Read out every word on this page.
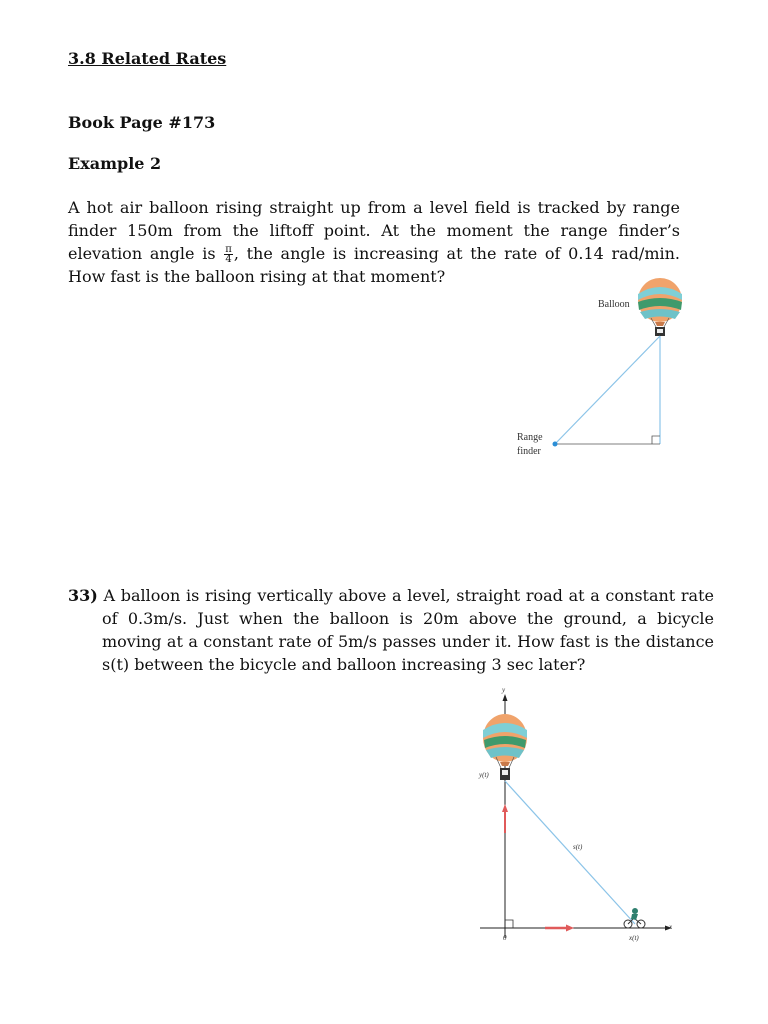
3.8 Related Rates
Book Page #173
Example 2
A hot air balloon rising straight up from a level field is tracked by range finder 150m from the liftoff point. At the moment the range finder’s elevation angle is $\frac{\pi}{4}$ , the angle is increasing at the rate of 0.14 rad/min. How fast is the balloon rising at that moment?
Balloon
Range
finder
33) A balloon is rising vertically above a level, straight road at a constant rate of 0.3m/s. Just when the balloon is 20m above the ground, a bicycle moving at a constant rate of 5m/s passes under it. How fast is the distance s(t) between the bicycle and balloon increasing 3 sec later?
y
x
y(t)
s(t)
x(t)
0
